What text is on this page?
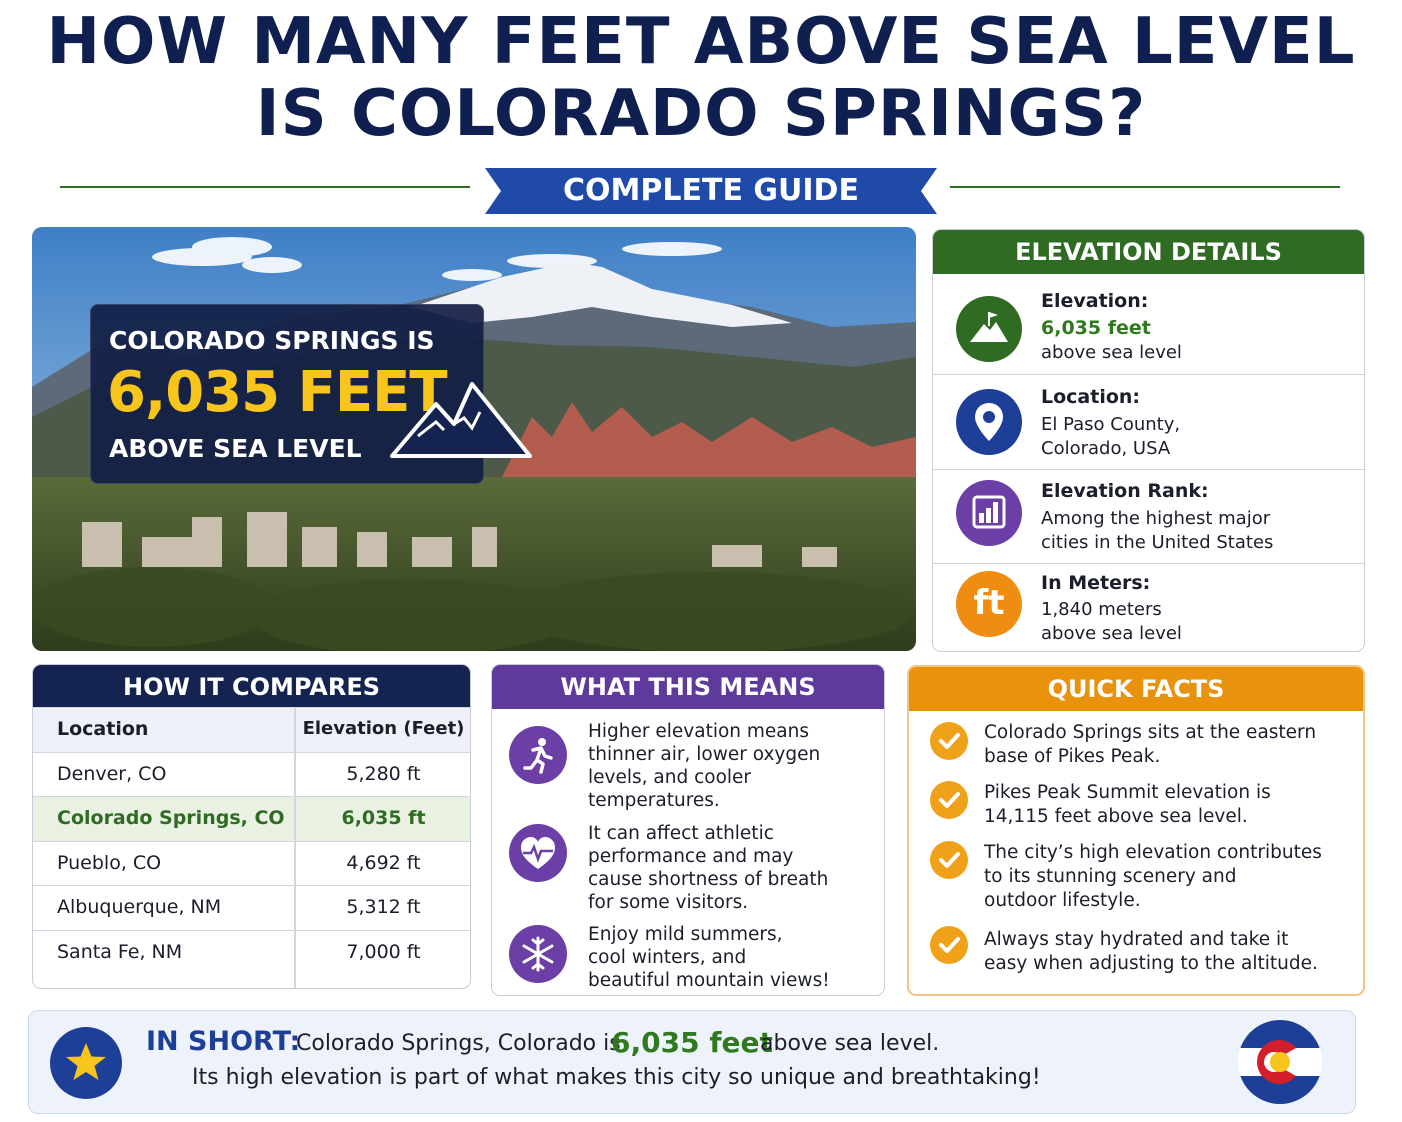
HOW MANY FEET ABOVE SEA LEVEL
IS COLORADO SPRINGS?
COMPLETE GUIDE
COLORADO SPRINGS IS
6,035 FEET
ABOVE SEA LEVEL
ELEVATION DETAILS
Elevation:
6,035 feet
above sea level
Location:
El Paso County,
Colorado, USA
Elevation Rank:
Among the highest major
cities in the United States
ft	In Meters:
1,840 meters
above sea level
HOW IT COMPARES
Location	Elevation (Feet)
Denver, CO	5,280 ft
Colorado Springs, CO	6,035 ft
Pueblo, CO	4,692 ft
Albuquerque, NM	5,312 ft
Santa Fe, NM	7,000 ft
WHAT THIS MEANS
Higher elevation means
thinner air, lower oxygen
levels, and cooler
temperatures.
It can affect athletic
performance and may
cause shortness of breath
for some visitors.
Enjoy mild summers,
cool winters, and
beautiful mountain views!
QUICK FACTS
Colorado Springs sits at the eastern
base of Pikes Peak.
Pikes Peak Summit elevation is
14,115 feet above sea level.
The city’s high elevation contributes
to its stunning scenery and
outdoor lifestyle.
Always stay hydrated and take it
easy when adjusting to the altitude.
IN SHORT:
Colorado Springs, Colorado is
6,035 feet
above sea level.
Its high elevation is part of what makes this city so unique and breathtaking!
